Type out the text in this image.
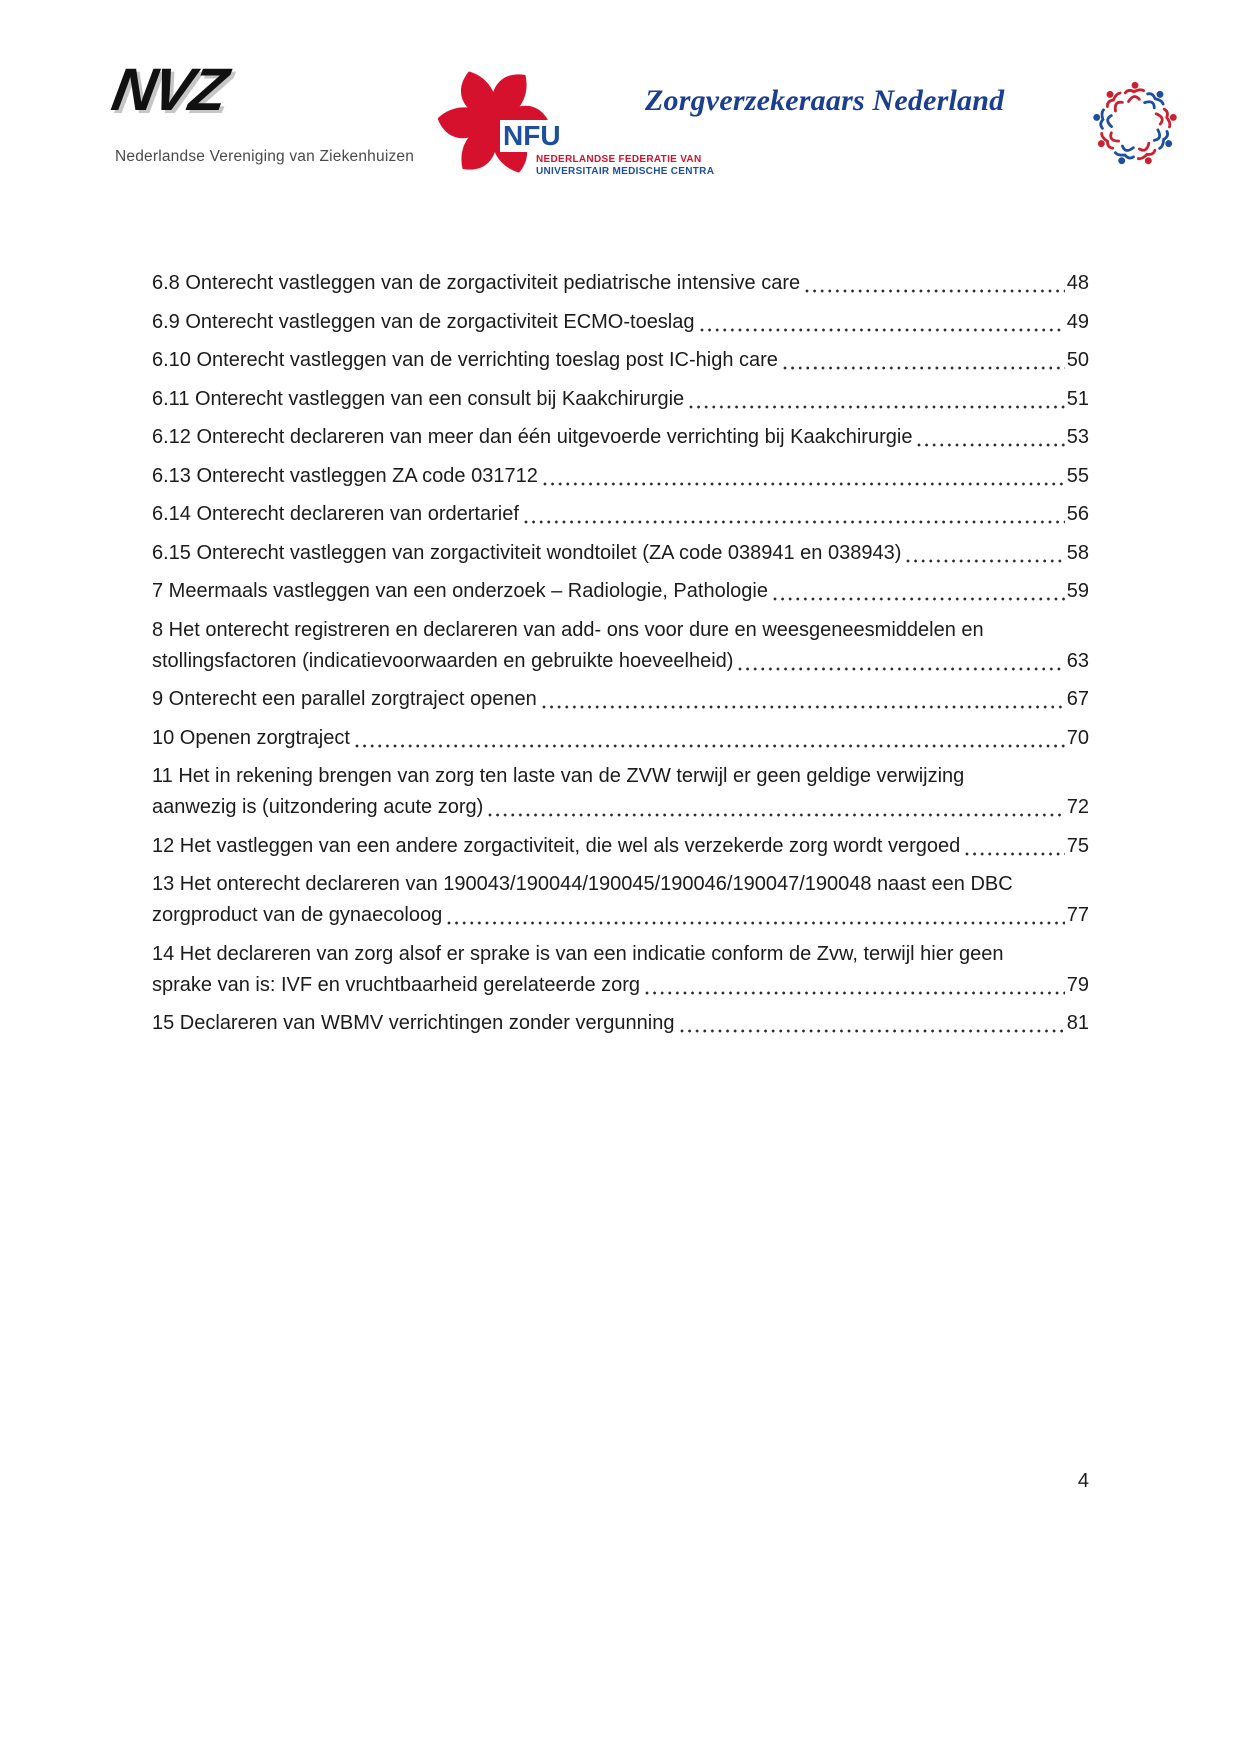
NVZ
Nederlandse Vereniging van Ziekenhuizen
NFU
NEDERLANDSE FEDERATIE VAN
UNIVERSITAIR MEDISCHE CENTRA
Zorgverzekeraars Nederland
6.8 Onterecht vastleggen van de zorgactiviteit pediatrische intensive care	48
6.9 Onterecht vastleggen van de zorgactiviteit ECMO-toeslag	49
6.10 Onterecht vastleggen van de verrichting toeslag post IC-high care	50
6.11 Onterecht vastleggen van een consult bij Kaakchirurgie	51
6.12 Onterecht declareren van meer dan één uitgevoerde verrichting bij Kaakchirurgie	53
6.13 Onterecht vastleggen ZA code 031712	55
6.14 Onterecht declareren van ordertarief	56
6.15 Onterecht vastleggen van zorgactiviteit wondtoilet (ZA code 038941 en 038943)	58
7 Meermaals vastleggen van een onderzoek – Radiologie, Pathologie	59
8 Het onterecht registreren en declareren van add- ons voor dure en weesgeneesmiddelen en
stollingsfactoren (indicatievoorwaarden en gebruikte hoeveelheid)	63
9 Onterecht een parallel zorgtraject openen	67
10 Openen zorgtraject	70
11 Het in rekening brengen van zorg ten laste van de ZVW terwijl er geen geldige verwijzing
aanwezig is (uitzondering acute zorg)	72
12 Het vastleggen van een andere zorgactiviteit, die wel als verzekerde zorg wordt vergoed	75
13 Het onterecht declareren van 190043/190044/190045/190046/190047/190048 naast een DBC
zorgproduct van de gynaecoloog	77
14 Het declareren van zorg alsof er sprake is van een indicatie conform de Zvw, terwijl hier geen
sprake van is: IVF en vruchtbaarheid gerelateerde zorg	79
15 Declareren van WBMV verrichtingen zonder vergunning	81
4
